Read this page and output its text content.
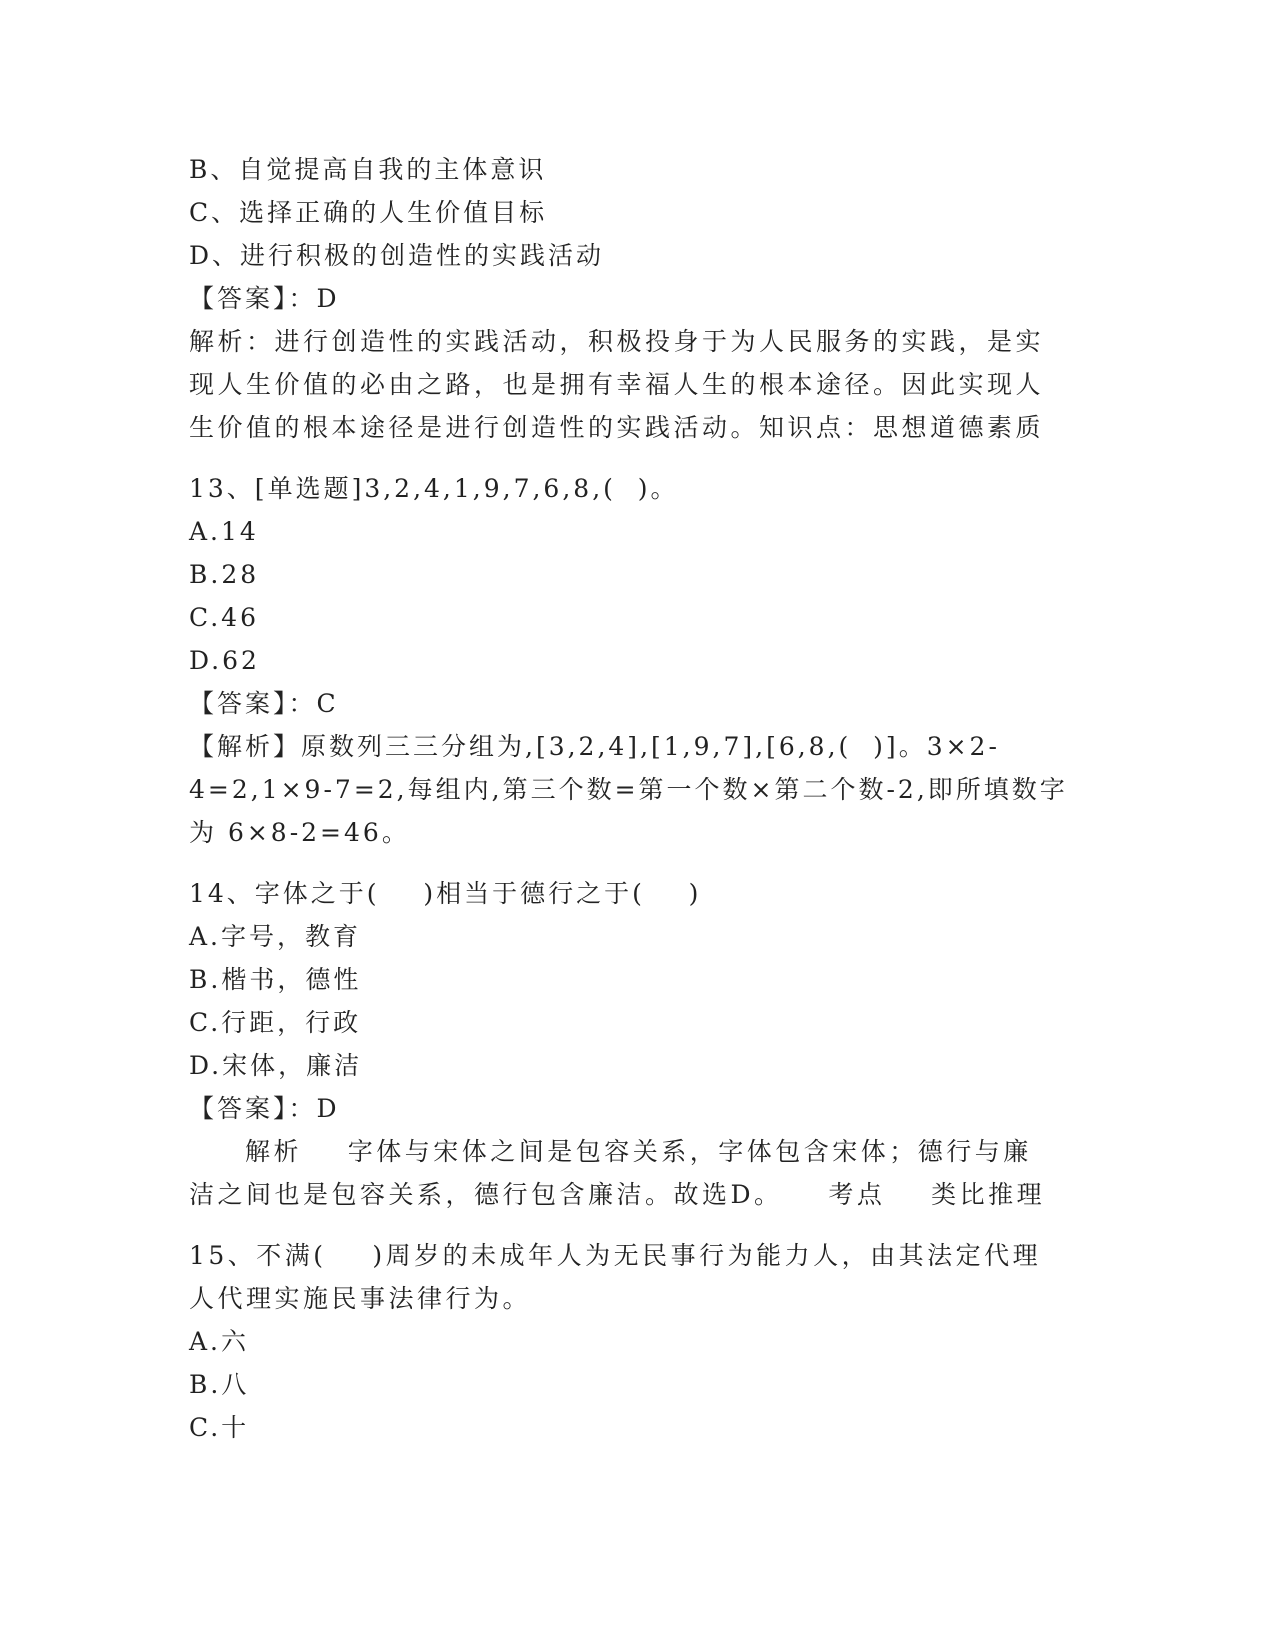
B、自觉提高自我的主体意识
C、选择正确的人生价值目标
D、进行积极的创造性的实践活动
【答案】：D
解析：进行创造性的实践活动，积极投身于为人民服务的实践，是实
现人生价值的必由之路，也是拥有幸福人生的根本途径。因此实现人
生价值的根本途径是进行创造性的实践活动。知识点：思想道德素质
13、[单选题]3,2,4,1,9,7,6,8,(  )。
A.14
B.28
C.46
D.62
【答案】：C
【解析】原数列三三分组为,[3,2,4],[1,9,7],[6,8,(  )]。3×2-
4=2,1×9-7=2,每组内,第三个数=第一个数×第二个数-2,即所填数字
为 6×8-2=46。
14、字体之于(    )相当于德行之于(    )
A.字号，教育
B.楷书，德性
C.行距，行政
D.宋体，廉洁
【答案】：D
解析    字体与宋体之间是包容关系，字体包含宋体；德行与廉
洁之间也是包容关系，德行包含廉洁。故选D。    考点    类比推理
15、不满(    )周岁的未成年人为无民事行为能力人，由其法定代理
人代理实施民事法律行为。
A.六
B.八
C.十
